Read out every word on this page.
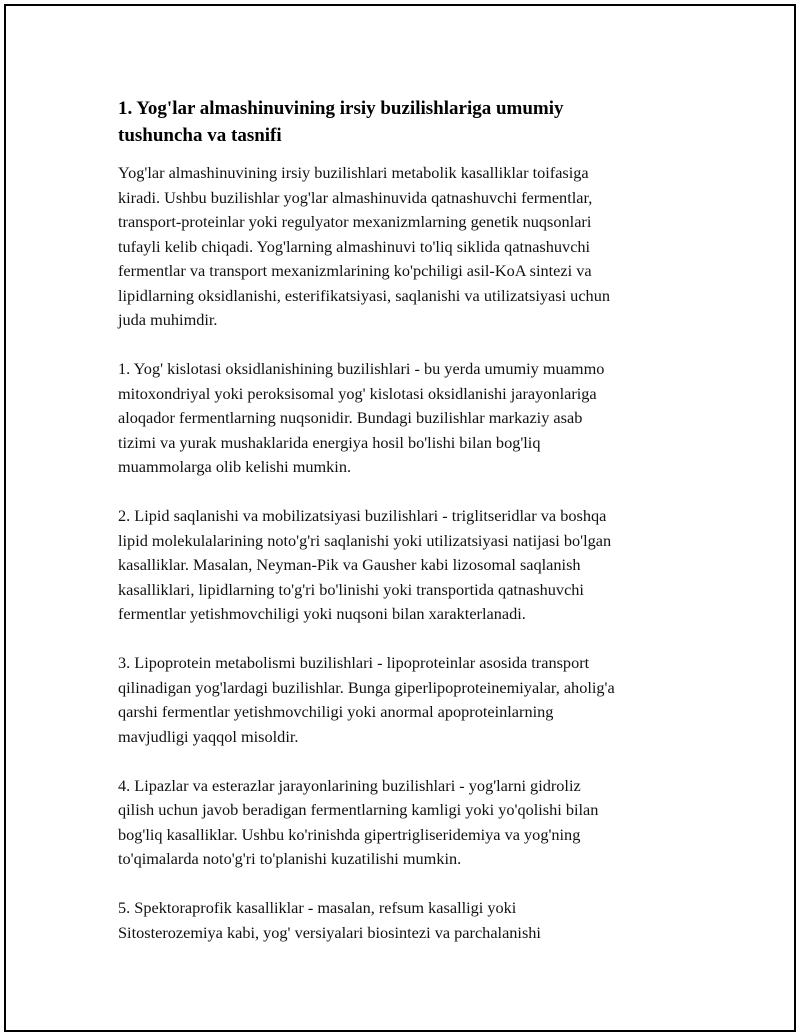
1. Yog'lar almashinuvining irsiy buzilishlariga umumiy
tushuncha va tasnifi

Yog'lar almashinuvining irsiy buzilishlari metabolik kasalliklar toifasiga
kiradi. Ushbu buzilishlar yog'lar almashinuvida qatnashuvchi fermentlar,
transport-proteinlar yoki regulyator mexanizmlarning genetik nuqsonlari
tufayli kelib chiqadi. Yog'larning almashinuvi to'liq siklida qatnashuvchi
fermentlar va transport mexanizmlarining ko'pchiligi asil-KoA sintezi va
lipidlarning oksidlanishi, esterifikatsiyasi, saqlanishi va utilizatsiyasi uchun
juda muhimdir.

1. Yog' kislotasi oksidlanishining buzilishlari - bu yerda umumiy muammo
mitoxondriyal yoki peroksisomal yog' kislotasi oksidlanishi jarayonlariga
aloqador fermentlarning nuqsonidir. Bundagi buzilishlar markaziy asab
tizimi va yurak mushaklarida energiya hosil bo'lishi bilan bog'liq
muammolarga olib kelishi mumkin.

2. Lipid saqlanishi va mobilizatsiyasi buzilishlari - triglitseridlar va boshqa
lipid molekulalarining noto'g'ri saqlanishi yoki utilizatsiyasi natijasi bo'lgan
kasalliklar. Masalan, Neyman-Pik va Gausher kabi lizosomal saqlanish
kasalliklari, lipidlarning to'g'ri bo'linishi yoki transportida qatnashuvchi
fermentlar yetishmovchiligi yoki nuqsoni bilan xarakterlanadi.

3. Lipoprotein metabolismi buzilishlari - lipoproteinlar asosida transport
qilinadigan yog'lardagi buzilishlar. Bunga giperlipoproteinemiyalar, aholig'a
qarshi fermentlar yetishmovchiligi yoki anormal apoproteinlarning
mavjudligi yaqqol misoldir.

4. Lipazlar va esterazlar jarayonlarining buzilishlari - yog'larni gidroliz
qilish uchun javob beradigan fermentlarning kamligi yoki yo'qolishi bilan
bog'liq kasalliklar. Ushbu ko'rinishda gipertrigliseridemiya va yog'ning
to'qimalarda noto'g'ri to'planishi kuzatilishi mumkin.

5. Spektoraprofik kasalliklar - masalan, refsum kasalligi yoki
Sitosterozemiya kabi, yog' versiyalari biosintezi va parchalanishi
